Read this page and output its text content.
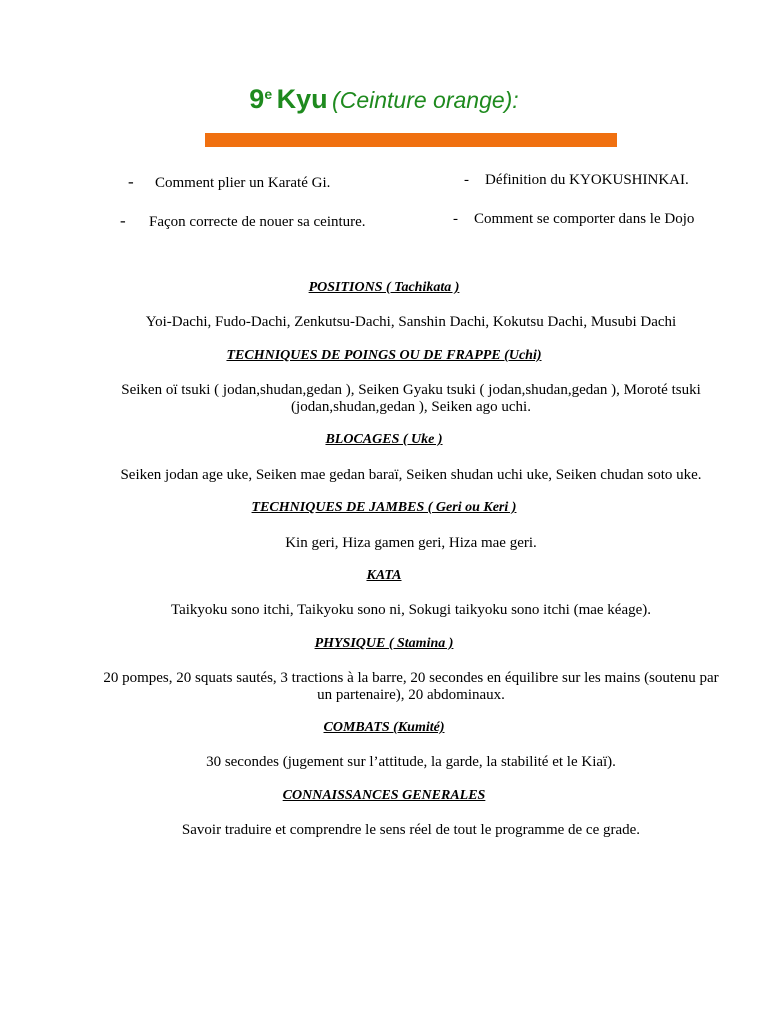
9e Kyu (Ceinture orange):
- Comment plier un Karaté Gi.	- Définition du KYOKUSHINKAI.
- Façon correcte de nouer sa ceinture.	- Comment se comporter dans le Dojo
POSITIONS ( Tachikata )
Yoi-Dachi, Fudo-Dachi, Zenkutsu-Dachi, Sanshin Dachi, Kokutsu Dachi, Musubi Dachi
TECHNIQUES DE POINGS OU DE FRAPPE (Uchi)
Seiken oï tsuki ( jodan,shudan,gedan ), Seiken Gyaku tsuki ( jodan,shudan,gedan ), Moroté tsuki (jodan,shudan,gedan ), Seiken ago uchi.
BLOCAGES ( Uke )
Seiken jodan age uke, Seiken mae gedan baraï, Seiken shudan uchi uke, Seiken chudan soto uke.
TECHNIQUES DE JAMBES ( Geri ou Keri )
Kin geri, Hiza gamen geri, Hiza mae geri.
KATA
Taikyoku sono itchi, Taikyoku sono ni, Sokugi taikyoku sono itchi (mae kéage).
PHYSIQUE ( Stamina )
20 pompes, 20 squats sautés, 3 tractions à la barre, 20 secondes en équilibre sur les mains (soutenu par un partenaire), 20 abdominaux.
COMBATS (Kumité)
30 secondes (jugement sur l’attitude, la garde, la stabilité et le Kiaï).
CONNAISSANCES GENERALES
Savoir traduire et comprendre le sens réel de tout le programme de ce grade.
